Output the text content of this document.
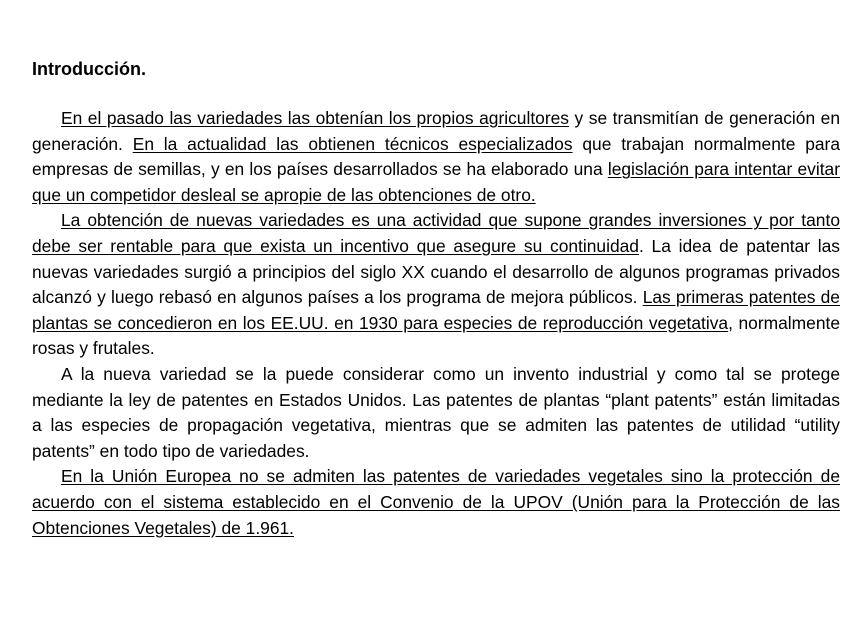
Introducción.

En el pasado las variedades las obtenían los propios agricultores y se transmitían de generación en generación. En la actualidad las obtienen técnicos especializados que trabajan normalmente para empresas de semillas, y en los países desarrollados se ha elaborado una legislación para intentar evitar que un competidor desleal se apropie de las obtenciones de otro.

La obtención de nuevas variedades es una actividad que supone grandes inversiones y por tanto debe ser rentable para que exista un incentivo que asegure su continuidad. La idea de patentar las nuevas variedades surgió a principios del siglo XX cuando el desarrollo de algunos programas privados alcanzó y luego rebasó en algunos países a los programa de mejora públicos. Las primeras patentes de plantas se concedieron en los EE.UU. en 1930 para especies de reproducción vegetativa, normalmente rosas y frutales.

A la nueva variedad se la puede considerar como un invento industrial y como tal se protege mediante la ley de patentes en Estados Unidos. Las patentes de plantas “plant patents” están limitadas a las especies de propagación vegetativa, mientras que se admiten las patentes de utilidad “utility patents” en todo tipo de variedades.

En la Unión Europea no se admiten las patentes de variedades vegetales sino la protección de acuerdo con el sistema establecido en el Convenio de la UPOV (Unión para la Protección de las Obtenciones Vegetales) de 1.961.
